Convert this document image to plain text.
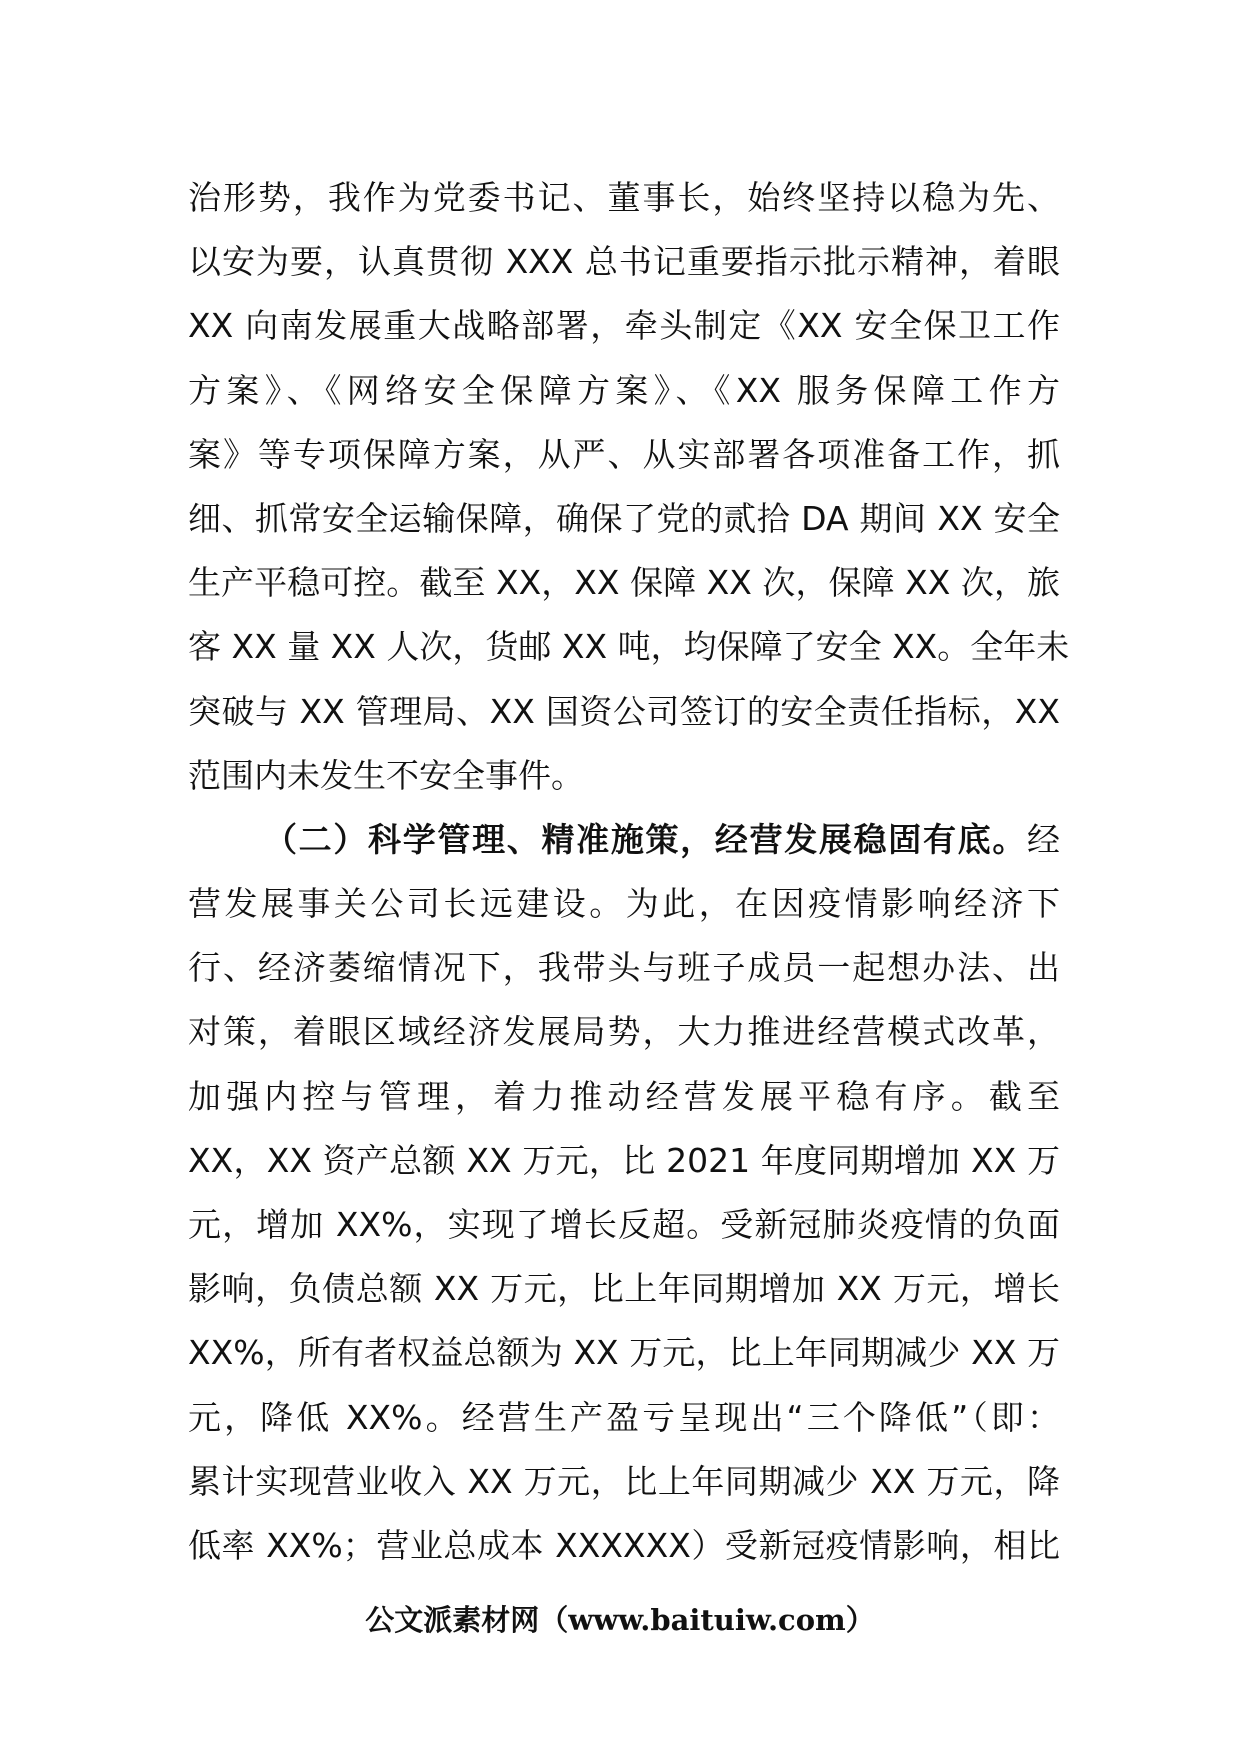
治形势，我作为党委书记、董事长，始终坚持以稳为先、
以安为要，认真贯彻 XXX 总书记重要指示批示精神，着眼
XX 向南发展重大战略部署，牵头制定《XX 安全保卫工作
方案》、《网络安全保障方案》、《XX 服务保障工作方
案》等专项保障方案，从严、从实部署各项准备工作，抓
细、抓常安全运输保障，确保了党的贰拾 DA 期间 XX 安全
生产平稳可控。截至 XX，XX 保障 XX 次，保障 XX 次，旅
客 XX 量 XX 人次，货邮 XX 吨，均保障了安全 XX。全年未
突破与 XX 管理局、XX 国资公司签订的安全责任指标，XX
范围内未发生不安全事件。
（二）科学管理、精准施策，经营发展稳固有底。经
营发展事关公司长远建设。为此，在因疫情影响经济下
行、经济萎缩情况下，我带头与班子成员一起想办法、出
对策，着眼区域经济发展局势，大力推进经营模式改革，
加强内控与管理，着力推动经营发展平稳有序。截至
XX，XX 资产总额 XX 万元，比 2021 年度同期增加 XX 万
元，增加 XX%，实现了增长反超。受新冠肺炎疫情的负面
影响，负债总额 XX 万元，比上年同期增加 XX 万元，增长
XX%，所有者权益总额为 XX 万元，比上年同期减少 XX 万
元，降低 XX%。经营生产盈亏呈现出“三个降低”（即：
累计实现营业收入 XX 万元，比上年同期减少 XX 万元，降
低率 XX%；营业总成本 XXXXXX）受新冠疫情影响，相比
公文派素材网（www.baituiw.com）
